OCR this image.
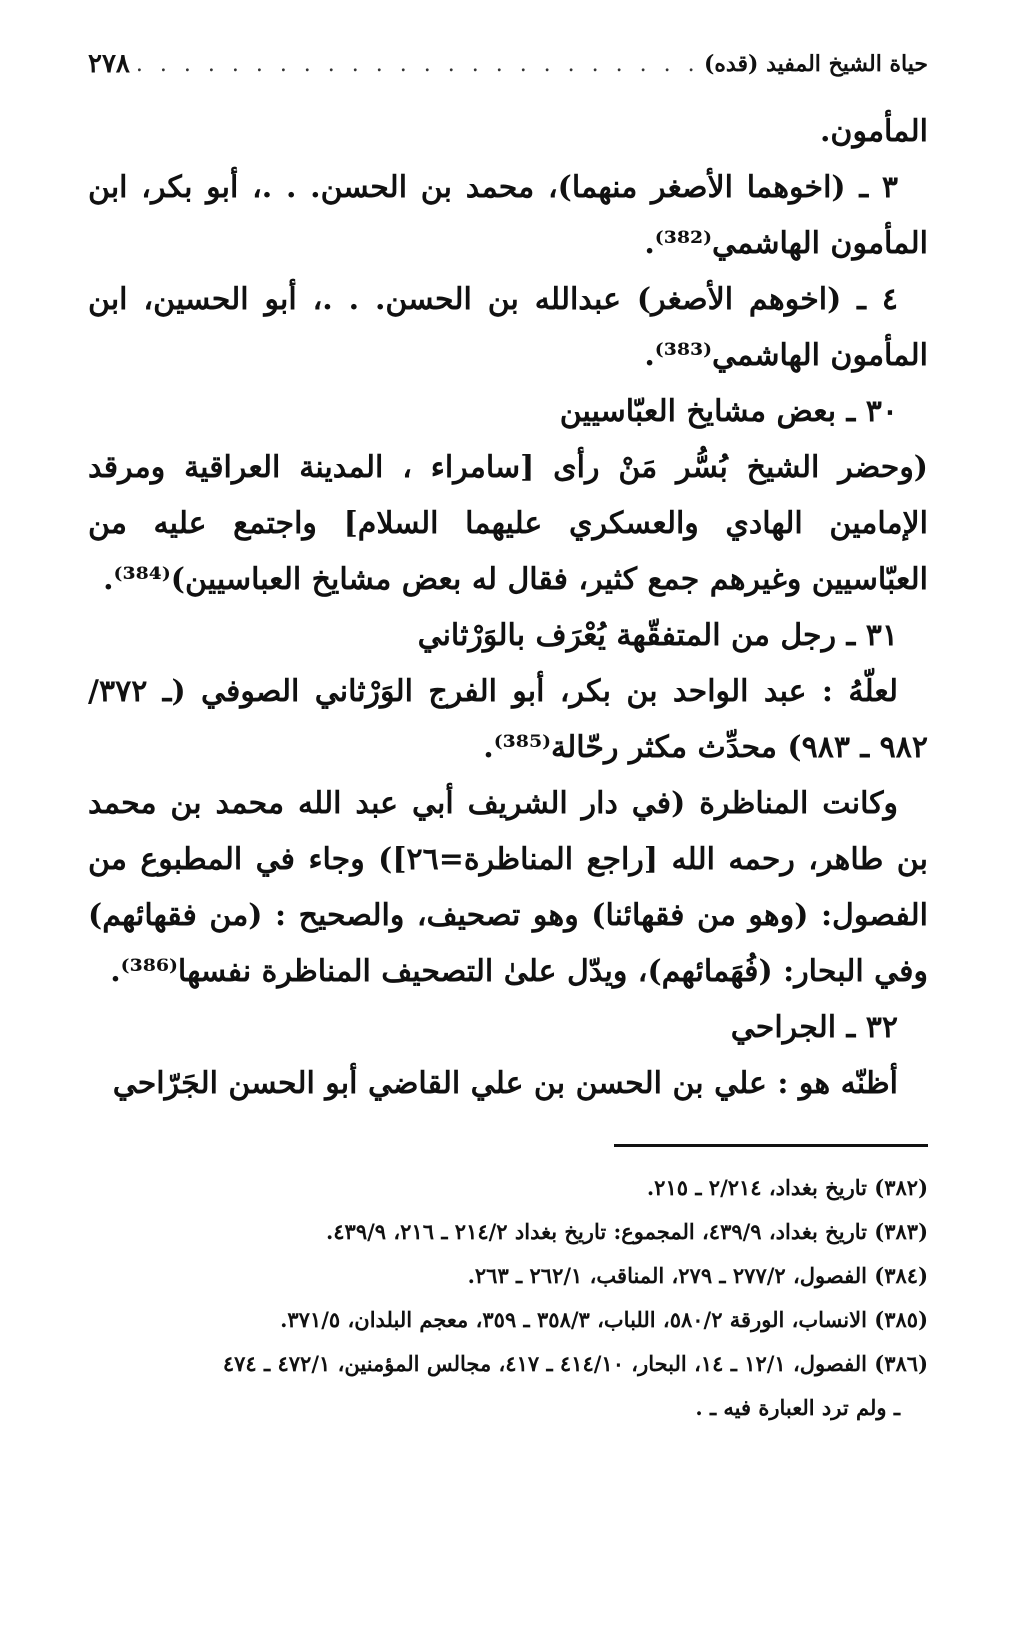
٢٧٨
. . .	حياة الشيخ المفيد (قده)

المأمون.

٣ ـ (اخوهما الأصغر منهما)، محمد بن الحسن. . .، أبو بكر، ابن المأمون الهاشمي⁽³⁸²⁾.

٤ ـ (اخوهم الأصغر) عبدالله بن الحسن. . .، أبو الحسين، ابن المأمون الهاشمي⁽³⁸³⁾.

٣٠ ـ بعض مشايخ العبّاسيين

(وحضر الشيخ بُسُّر مَنْ رأى [سامراء ، المدينة العراقية ومرقد الإمامين الهادي والعسكري عليهما السلام] واجتمع عليه من العبّاسيين وغيرهم جمع كثير، فقال له بعض مشايخ العباسيين)⁽³⁸⁴⁾.

٣١ ـ رجل من المتفقّهة يُعْرَف بالوَرْثاني

لعلّهُ : عبد الواحد بن بكر، أبو الفرج الوَرْثاني الصوفي (ـ ٣٧٢/ ٩٨٢ ـ ٩٨٣) محدِّث مكثر رحّالة⁽³⁸⁵⁾.

وكانت المناظرة (في دار الشريف أبي عبد الله محمد بن محمد بن طاهر، رحمه الله [راجع المناظرة=٢٦]) وجاء في المطبوع من الفصول: (وهو من فقهائنا) وهو تصحيف، والصحيح : (من فقهائهم) وفي البحار: (فُهَمائهم)، ويدّل علىٰ التصحيف المناظرة نفسها⁽³⁸⁶⁾.

٣٢ ـ الجراحي

أظنّه هو : علي بن الحسن بن علي القاضي أبو الحسن الجَرّاحي

(٣٨٢) تاريخ بغداد، ٢/٢١٤ ـ ٢١٥.

(٣٨٣) تاريخ بغداد، ٤٣٩/٩، المجموع: تاريخ بغداد ٢١٤/٢ ـ ٢١٦، ٤٣٩/٩.

(٣٨٤) الفصول، ٢٧٧/٢ ـ ٢٧٩، المناقب، ٢٦٢/١ ـ ٢٦٣.

(٣٨٥) الانساب، الورقة ٥٨٠/٢، اللباب، ٣٥٨/٣ ـ ٣٥٩، معجم البلدان، ٣٧١/٥.

(٣٨٦) الفصول، ١٢/١ ـ ١٤، البحار، ٤١٤/١٠ ـ ٤١٧، مجالس المؤمنين، ٤٧٢/١ ـ ٤٧٤

ـ ولم ترد العبارة فيه ـ .
